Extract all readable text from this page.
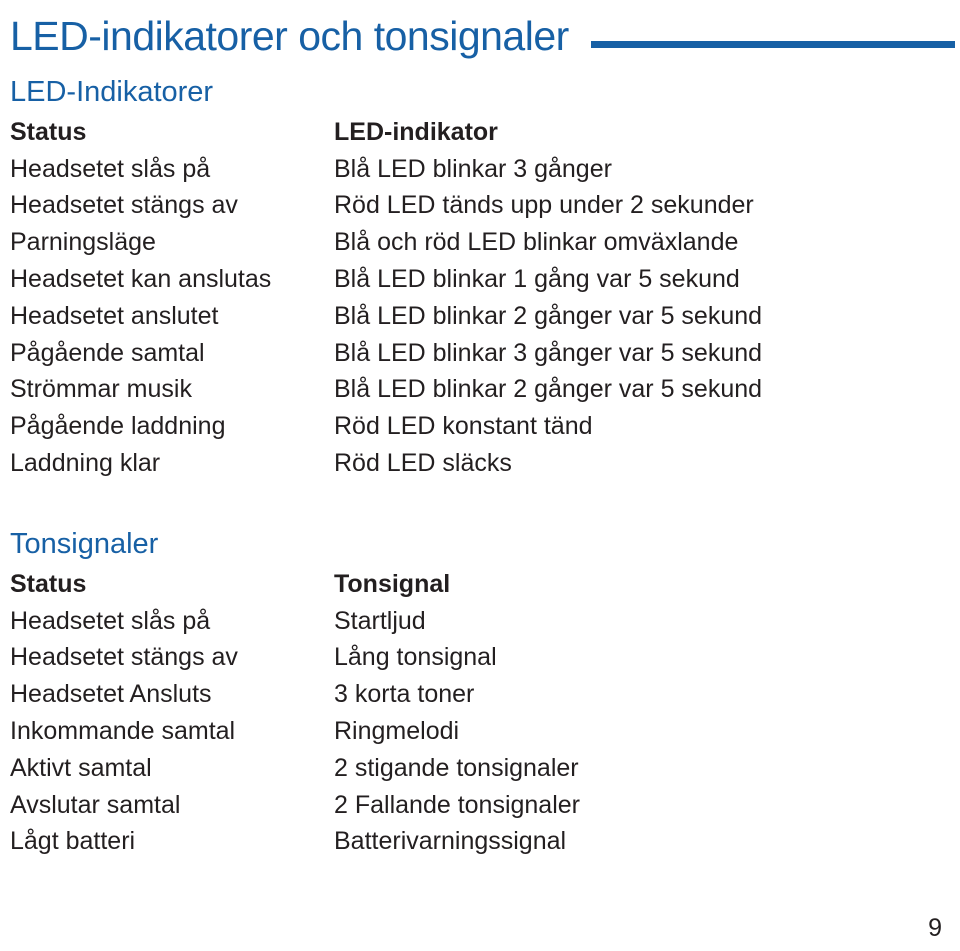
LED-indikatorer och tonsignaler
LED-Indikatorer
Status	LED-indikator
Headsetet slås på	Blå LED blinkar 3 gånger
Headsetet stängs av	Röd LED tänds upp under 2 sekunder
Parningsläge	Blå och röd LED blinkar omväxlande
Headsetet kan anslutas	Blå LED blinkar 1 gång var 5 sekund
Headsetet anslutet	Blå LED blinkar 2 gånger var 5 sekund
Pågående samtal	Blå LED blinkar 3 gånger var 5 sekund
Strömmar musik	Blå LED blinkar 2 gånger var 5 sekund
Pågående laddning	Röd LED konstant tänd
Laddning klar	Röd LED släcks
Tonsignaler
Status	Tonsignal
Headsetet slås på	Startljud
Headsetet stängs av	Lång tonsignal
Headsetet Ansluts	3 korta toner
Inkommande samtal	Ringmelodi
Aktivt samtal	2 stigande tonsignaler
Avslutar samtal	2 Fallande tonsignaler
Lågt batteri	Batterivarningssignal
9
